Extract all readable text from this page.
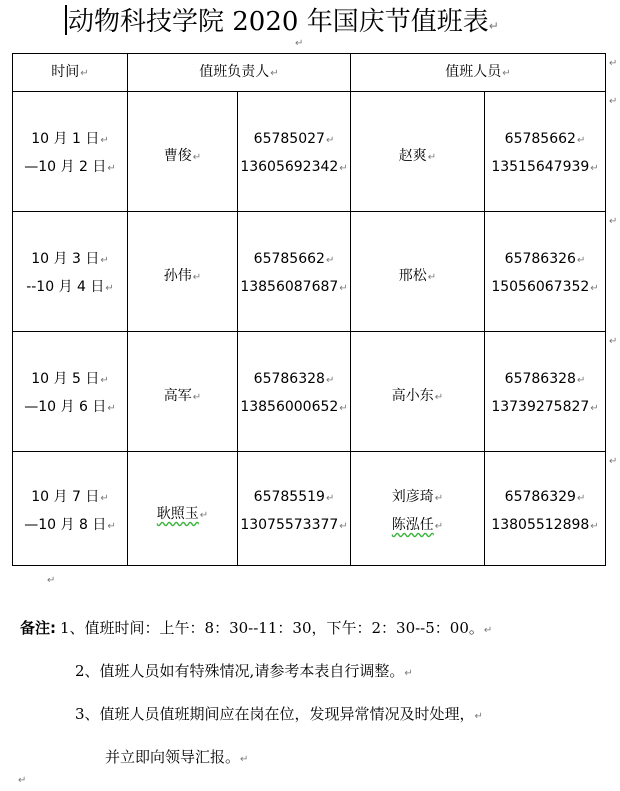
动物科技学院 2020 年国庆节值班表↵
↵
时间↵	值班负责人↵	值班人员↵
↵
10 月 1 日↵
—10 月 2 日↵
曹俊↵
65785027↵
13605692342↵
赵爽↵
65785662↵
13515647939↵
↵
10 月 3 日↵
--10 月 4 日↵
孙伟↵
65785662↵
13856087687↵
邢松↵
65786326↵
15056067352↵
↵
10 月 5 日↵
—10 月 6 日↵
高军↵
65786328↵
13856000652↵
高小东↵
65786328↵
13739275827↵
↵
10 月 7 日↵
—10 月 8 日↵
耿照玉↵
65785519↵
13075573377↵
刘彦琦↵
陈泓任↵
65786329↵
13805512898↵
↵
↵

备注: 1、值班时间：上午：8：30--11：30，下午：2：30--5：00。↵

2、值班人员如有特殊情况,请参考本表自行调整。↵

3、值班人员值班期间应在岗在位，发现异常情况及时处理，↵

并立即向领导汇报。↵

↵
